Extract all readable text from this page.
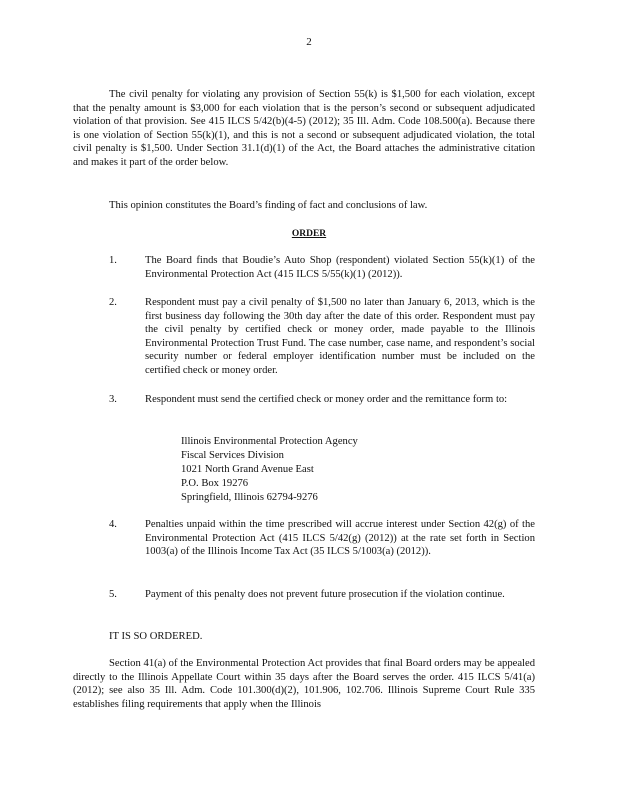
2

The civil penalty for violating any provision of Section 55(k) is $1,500 for each violation, except that the penalty amount is $3,000 for each violation that is the person’s second or subsequent adjudicated violation of that provision. See 415 ILCS 5/42(b)(4-5) (2012); 35 Ill. Adm. Code 108.500(a). Because there is one violation of Section 55(k)(1), and this is not a second or subsequent adjudicated violation, the total civil penalty is $1,500. Under Section 31.1(d)(1) of the Act, the Board attaches the administrative citation and makes it part of the order below.

This opinion constitutes the Board’s finding of fact and conclusions of law.

ORDER
1.	The Board finds that Boudie’s Auto Shop (respondent) violated Section 55(k)(1) of the Environmental Protection Act (415 ILCS 5/55(k)(1) (2012)).
2.	Respondent must pay a civil penalty of $1,500 no later than January 6, 2013, which is the first business day following the 30th day after the date of this order. Respondent must pay the civil penalty by certified check or money order, made payable to the Illinois Environmental Protection Trust Fund. The case number, case name, and respondent’s social security number or federal employer identification number must be included on the certified check or money order.
3.	Respondent must send the certified check or money order and the remittance form to:
Illinois Environmental Protection Agency
Fiscal Services Division
1021 North Grand Avenue East
P.O. Box 19276
Springfield, Illinois 62794-9276
4.	Penalties unpaid within the time prescribed will accrue interest under Section 42(g) of the Environmental Protection Act (415 ILCS 5/42(g) (2012)) at the rate set forth in Section 1003(a) of the Illinois Income Tax Act (35 ILCS 5/1003(a) (2012)).
5.	Payment of this penalty does not prevent future prosecution if the violation continue.
IT IS SO ORDERED.

Section 41(a) of the Environmental Protection Act provides that final Board orders may be appealed directly to the Illinois Appellate Court within 35 days after the Board serves the order. 415 ILCS 5/41(a) (2012); see also 35 Ill. Adm. Code 101.300(d)(2), 101.906, 102.706. Illinois Supreme Court Rule 335 establishes filing requirements that apply when the Illinois
